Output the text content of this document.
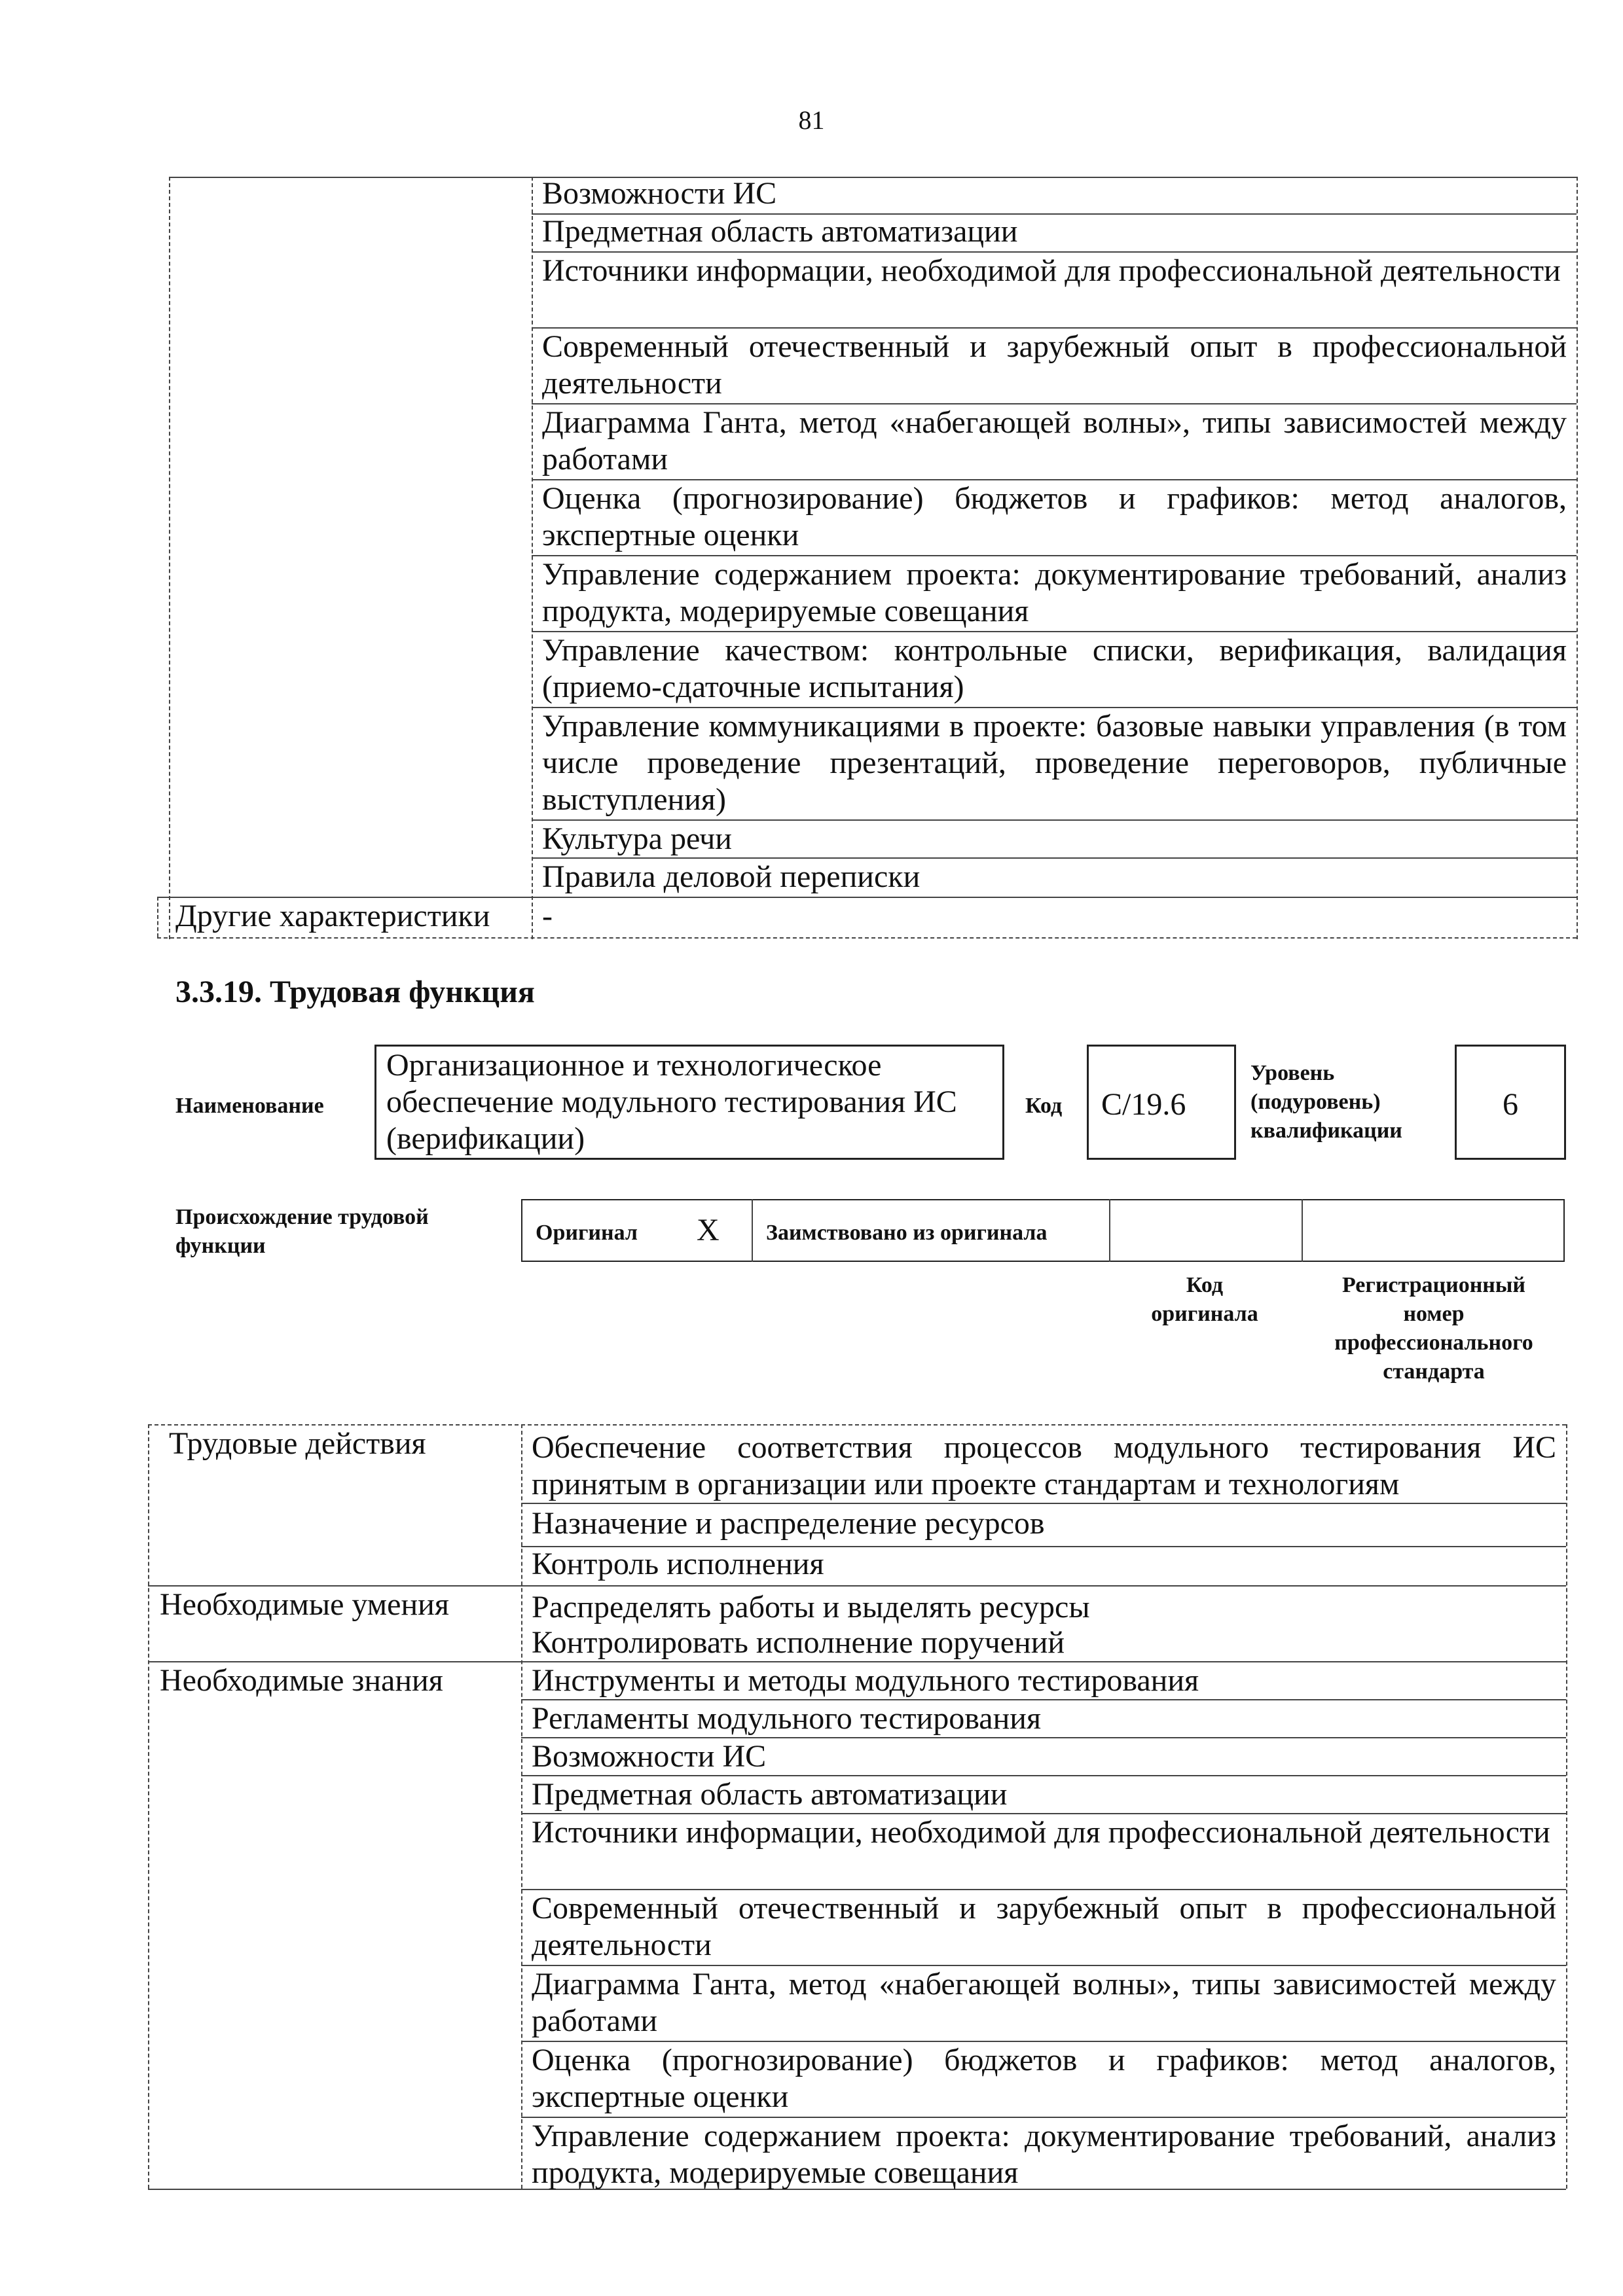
81
Возможности ИС
Предметная область автоматизации
Источники информации, необходимой для профессиональной деятельности
Современный отечественный и зарубежный опыт в профессиональной деятельности
Диаграмма Ганта, метод «набегающей волны», типы зависимостей между работами
Оценка (прогнозирование) бюджетов и графиков: метод аналогов, экспертные оценки
Управление содержанием проекта: документирование требований, анализ продукта, модерируемые совещания
Управление качеством: контрольные списки, верификация, валидация (приемо-сдаточные испытания)
Управление коммуникациями в проекте: базовые навыки управления (в том числе проведение презентаций, проведение переговоров, публичные выступления)
Культура речи
Правила деловой переписки
Другие характеристики -
3.3.19. Трудовая функция
Наименование
Организационное и технологическое обеспечение модульного тестирования ИС (верификации)
Код C/19.6
Уровень (подуровень) квалификации
6
Происхождение трудовой функции
Оригинал X Заимствовано из оригинала
Код оригинала
Регистрационный номер профессионального стандарта
Трудовые действия	Обеспечение соответствия процессов модульного тестирования ИС принятым в организации или проекте стандартам и технологиям
Назначение и распределение ресурсов
Контроль исполнения
Необходимые умения	Распределять работы и выделять ресурсы
Контролировать исполнение поручений
Необходимые знания	Инструменты и методы модульного тестирования
Регламенты модульного тестирования
Возможности ИС
Предметная область автоматизации
Источники информации, необходимой для профессиональной деятельности
Современный отечественный и зарубежный опыт в профессиональной деятельности
Диаграмма Ганта, метод «набегающей волны», типы зависимостей между работами
Оценка (прогнозирование) бюджетов и графиков: метод аналогов, экспертные оценки
Управление содержанием проекта: документирование требований, анализ продукта, модерируемые совещания
